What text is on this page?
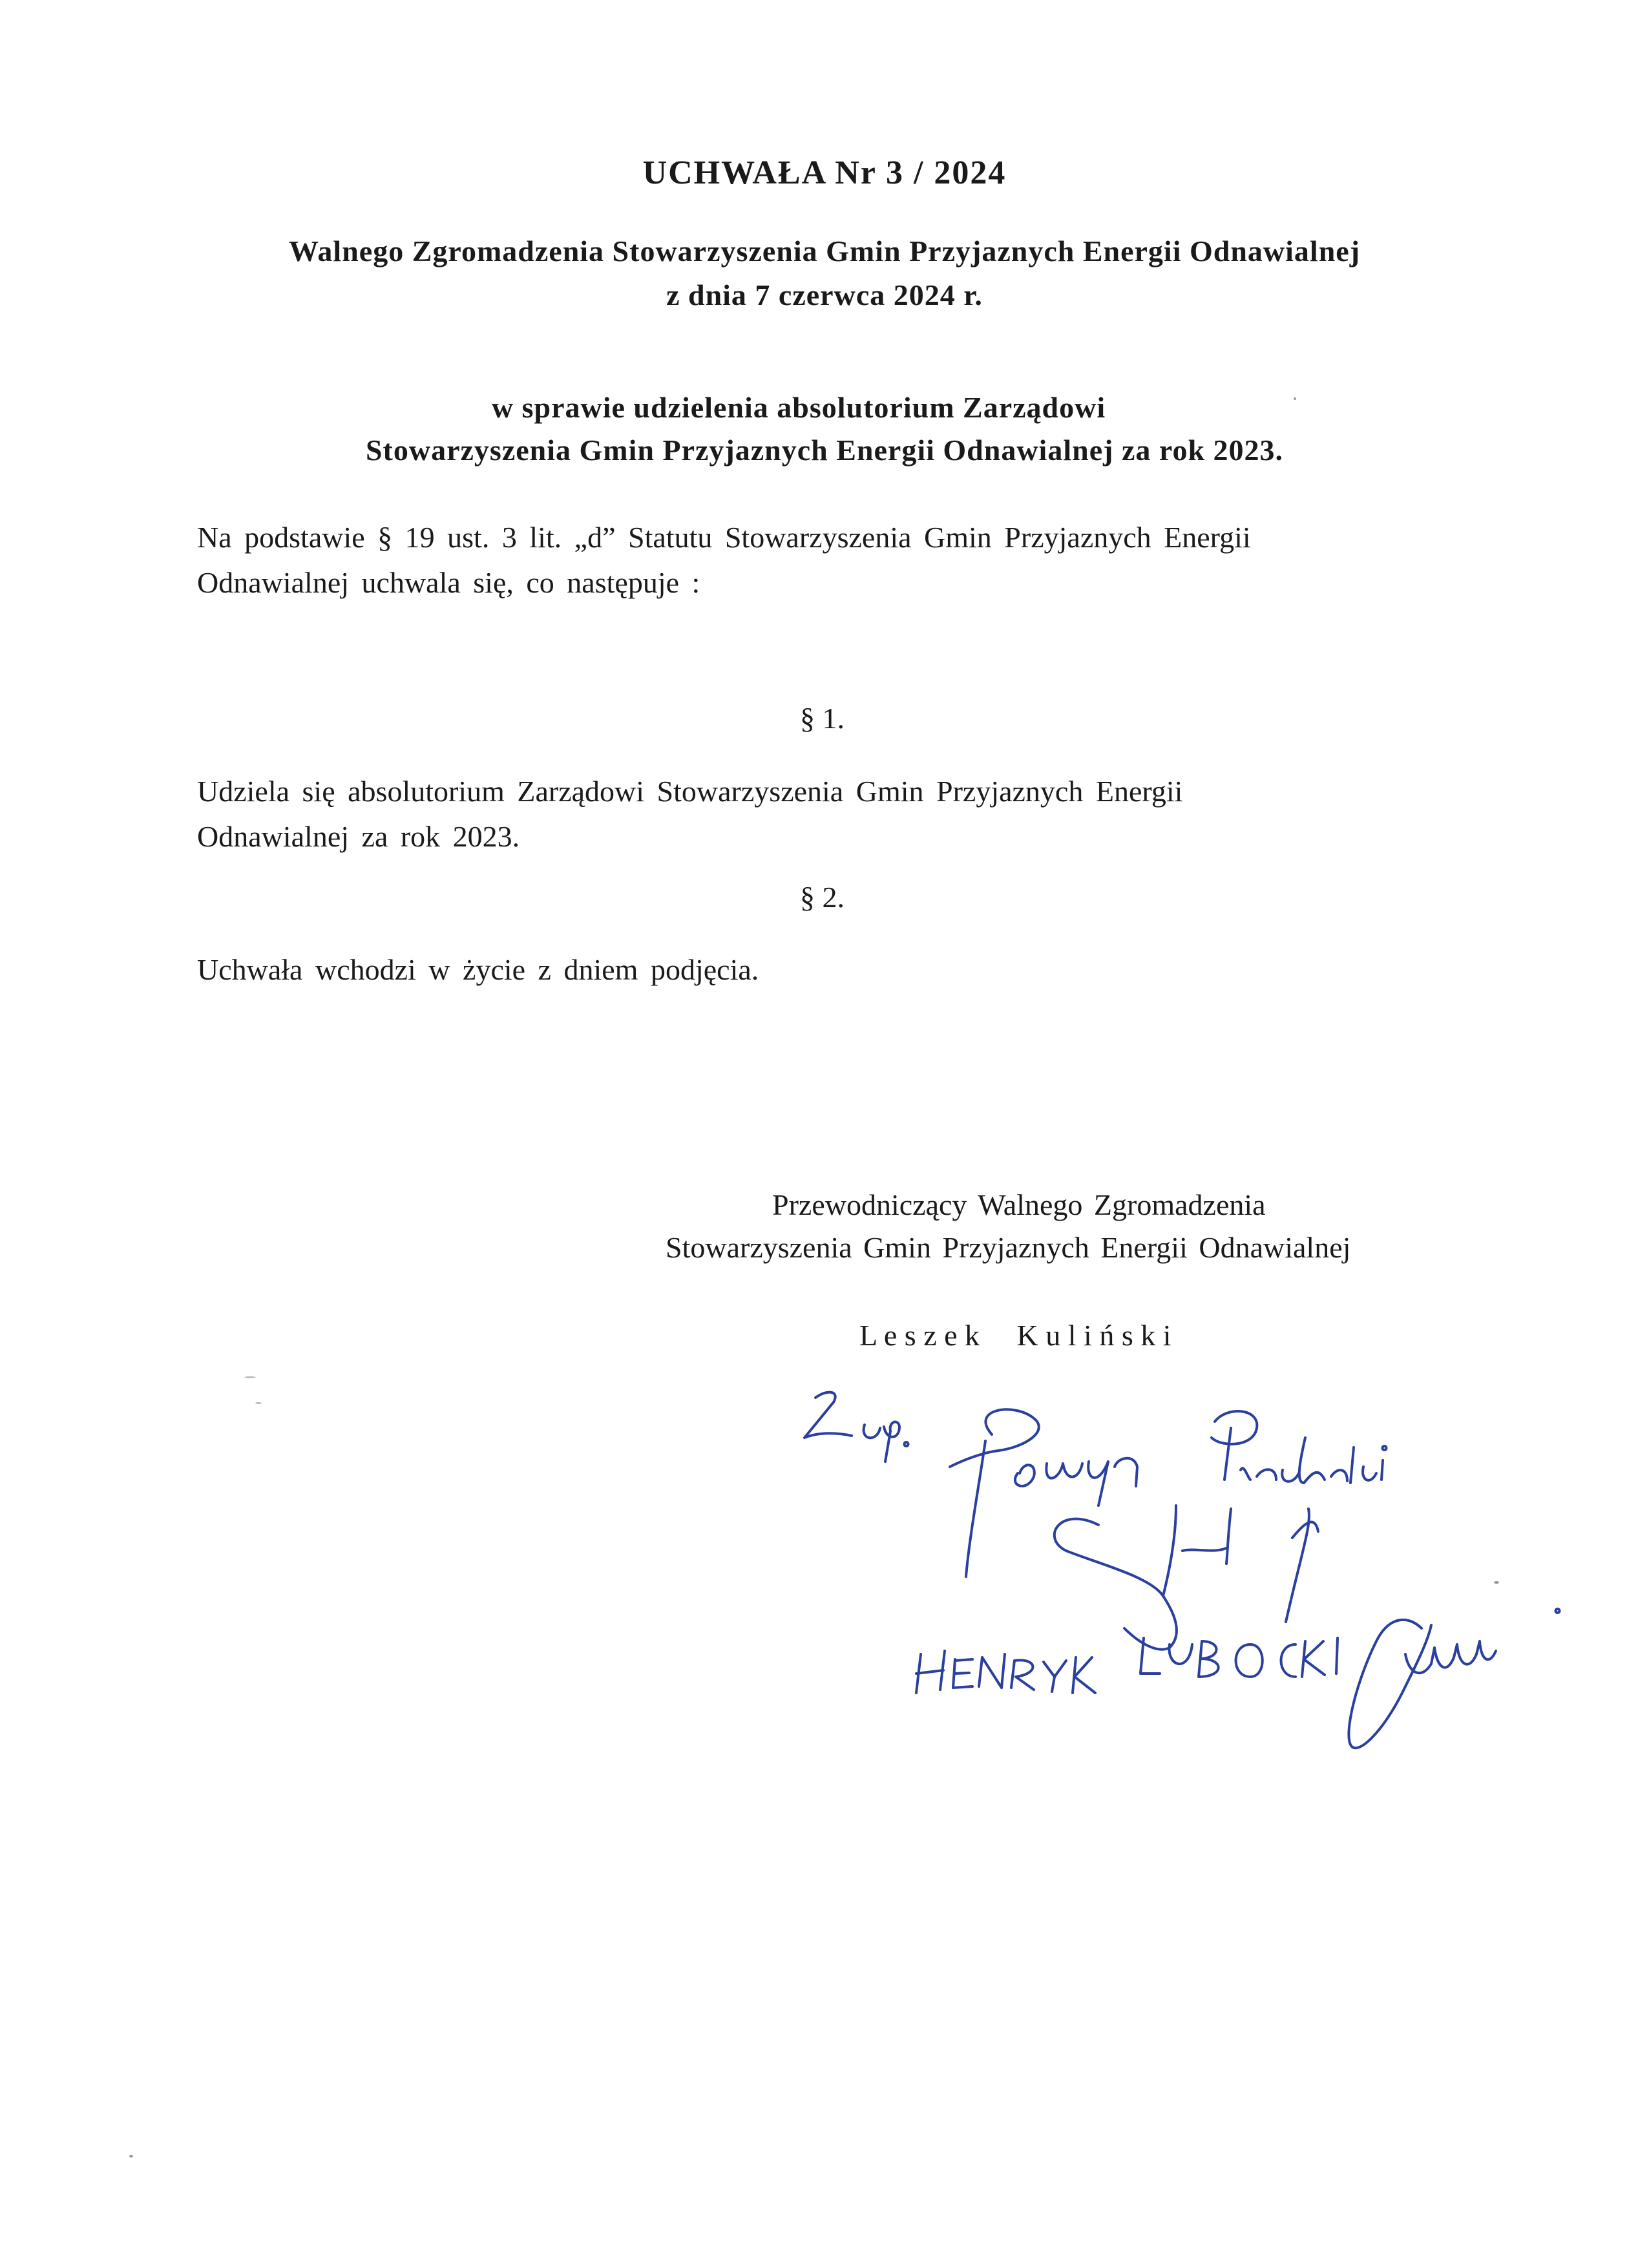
UCHWAŁA Nr 3 / 2024
Walnego Zgromadzenia Stowarzyszenia Gmin Przyjaznych Energii Odnawialnej
z dnia 7 czerwca 2024 r.
w sprawie udzielenia absolutorium Zarządowi
Stowarzyszenia Gmin Przyjaznych Energii Odnawialnej za rok 2023.
Na podstawie § 19 ust. 3 lit. „d” Statutu Stowarzyszenia Gmin Przyjaznych Energii
Odnawialnej uchwala się, co następuje :
§ 1.
Udziela się absolutorium Zarządowi Stowarzyszenia Gmin Przyjaznych Energii
Odnawialnej za rok 2023.
§ 2.
Uchwała wchodzi w życie z dniem podjęcia.
Przewodniczący Walnego Zgromadzenia
Stowarzyszenia Gmin Przyjaznych Energii Odnawialnej
L e s z e k     K u l i ń s k i
